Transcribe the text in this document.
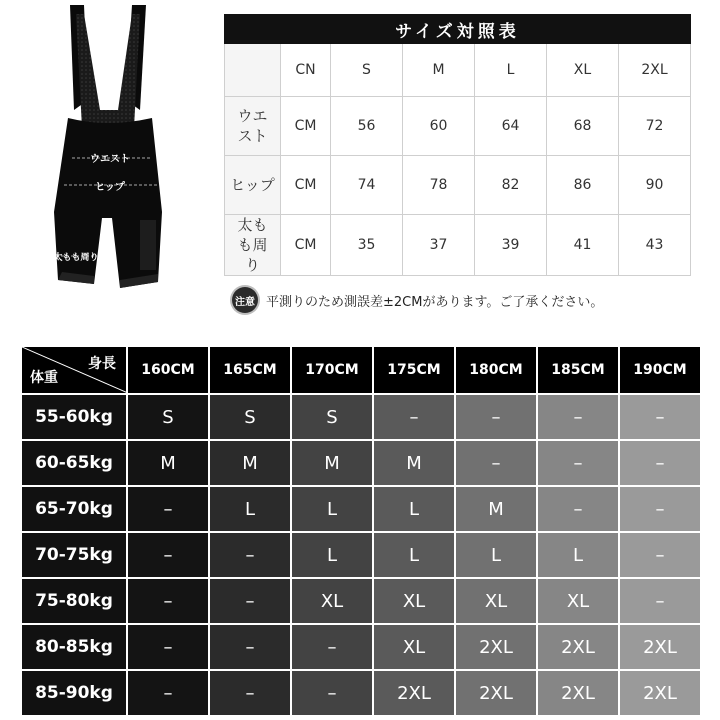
ウエスト
ヒップ
太もも周り
サイズ対照表						
	CN	S	M	L	XL	2XL
ウエスト	CM	56	60	64	68	72
ヒップ	CM	74	78	82	86	90
太もも周り	CM	35	37	39	41	43
注意 平測りのため測誤差±2CMがあります。ご了承ください。
身長
体重	160CM	165CM	170CM	175CM	180CM	185CM	190CM
55-60kg	S	S	S	–	–	–	–
60-65kg	M	M	M	M	–	–	–
65-70kg	–	L	L	L	M	–	–
70-75kg	–	–	L	L	L	L	–
75-80kg	–	–	XL	XL	XL	XL	–
80-85kg	–	–	–	XL	2XL	2XL	2XL
85-90kg	–	–	–	2XL	2XL	2XL	2XL
